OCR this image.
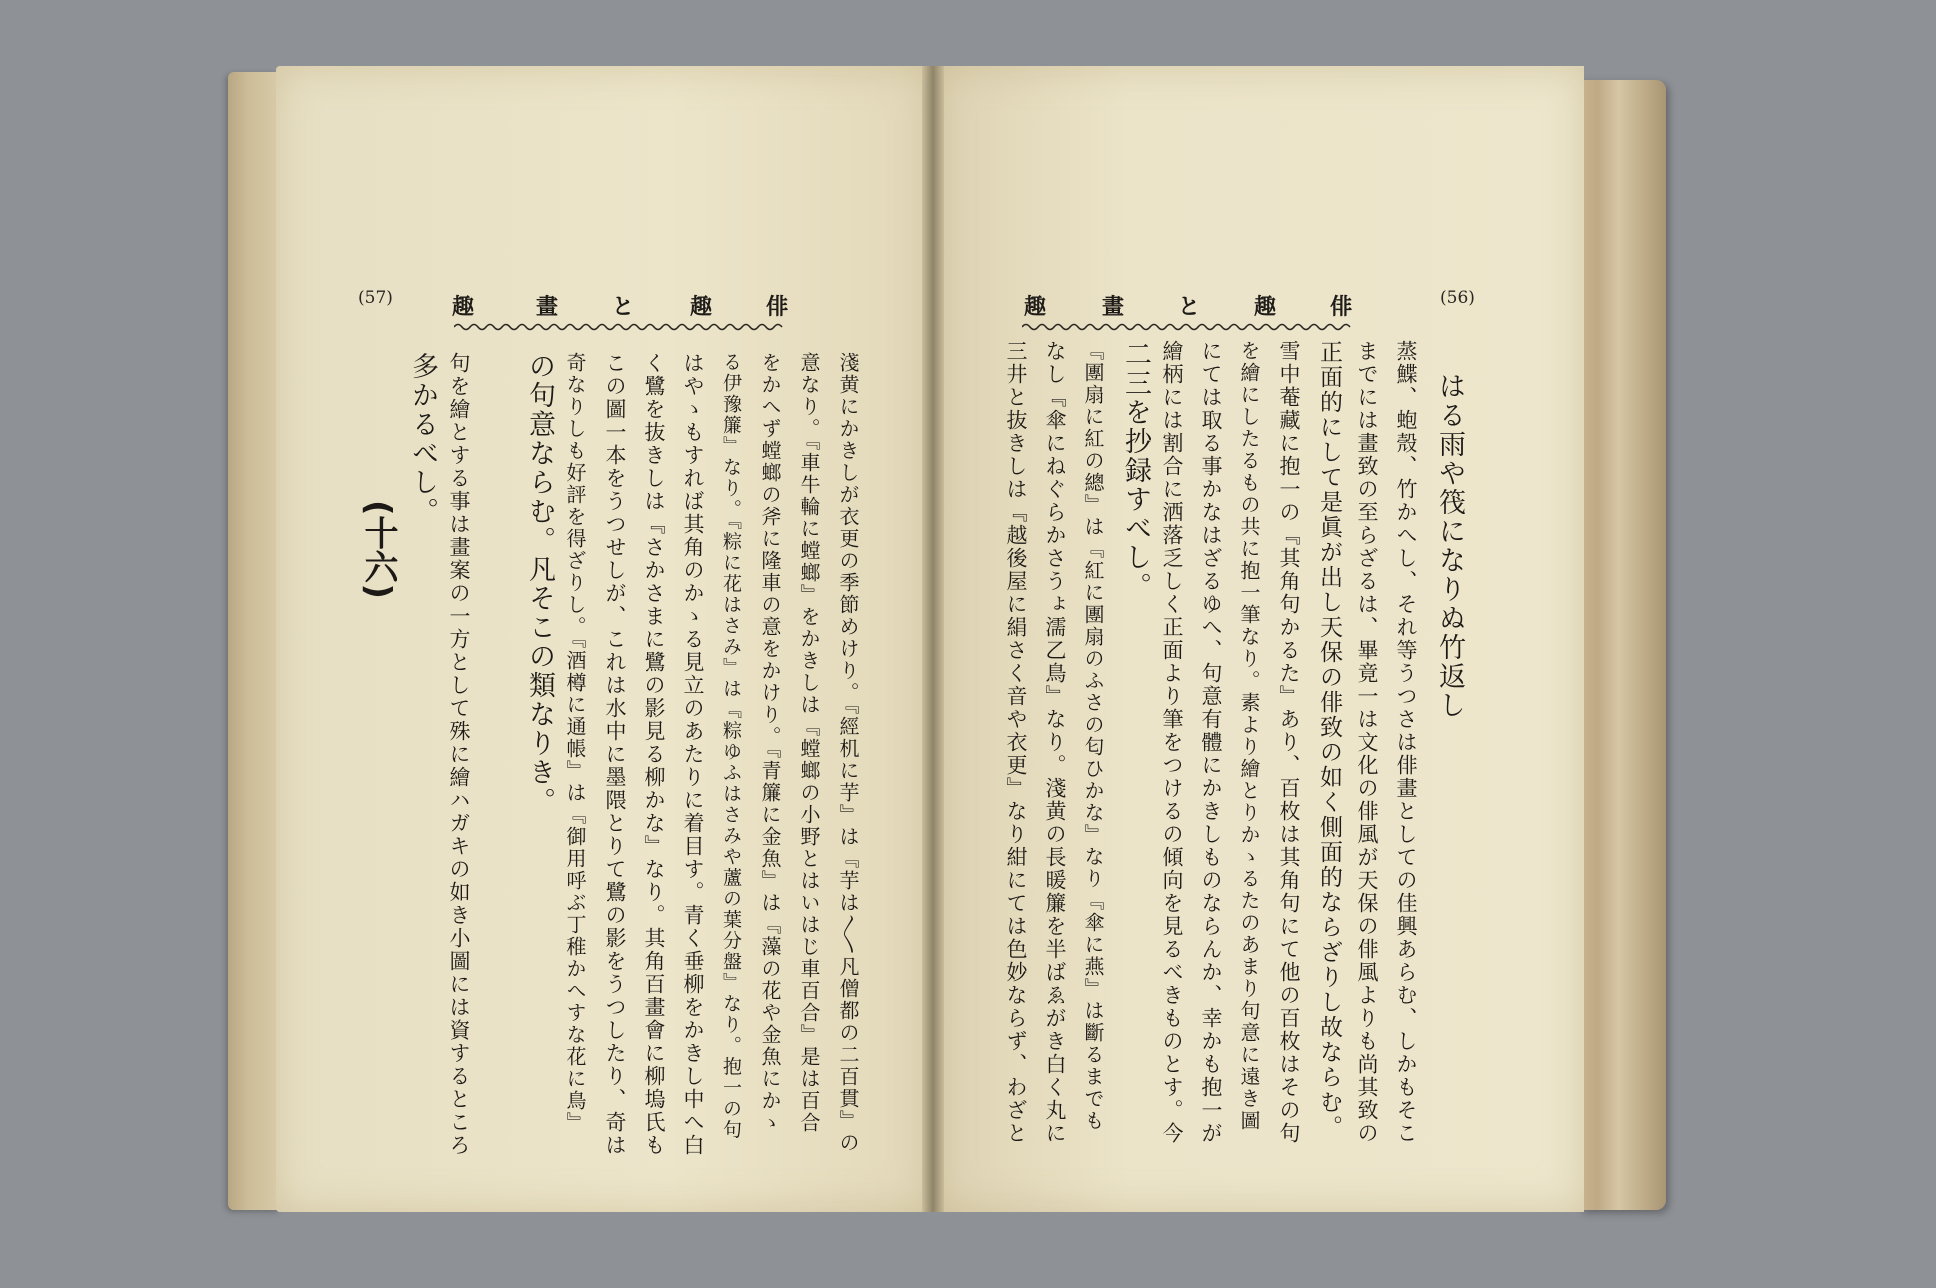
(57)	趣	畫 と	趣 俳
淺黄にかきしが衣更の季節めけり。『經机に芋』は『芋は〳〵凡僧都の二百貫』の
意なり。『車牛輪に螳螂』をかきしは『螳螂の小野とはいはじ車百合』是は百合
をかへず螳螂の斧に隆車の意をかけり。『青簾に金魚』は『藻の花や金魚にかゝ
る伊豫簾』なり。『粽に花はさみ』は『粽ゆふはさみや蘆の葉分盤』なり。抱一の句
はやゝもすれば其角のかゝる見立のあたりに着目す。青く垂柳をかきし中へ白
く鷺を抜きしは『さかさまに鷺の影見る柳かな』なり。其角百畫會に柳塢氏も
この圖一本をうつせしが、これは水中に墨隈とりて鷺の影をうつしたり、奇は
奇なりしも好評を得ざりし。『酒樽に通帳』は『御用呼ぶ丁稚かへすな花に鳥』
の句意ならむ。凡そこの類なりき。
句を繪とする事は畫案の一方として殊に繪ハガキの如き小圖には資するところ
多かるべし。
(十六)
(56)
俳
趣
と
畫
趣
はる雨や筏になりぬ竹返し
蒸鰈、蚫殼、竹かへし、それ等うつさは俳畫としての佳興あらむ、しかもそこ
までには畫致の至らざるは、畢竟一は文化の俳風が天保の俳風よりも尚其致の
正面的にして是眞が出し天保の俳致の如く側面的ならざりし故ならむ。
雪中菴藏に抱一の『其角句かるた』あり、百枚は其角句にて他の百枚はその句
を繪にしたるもの共に抱一筆なり。素より繪とりかゝるたのあまり句意に遠き圖
にては取る事かなはざるゆへ、句意有體にかきしものならんか、幸かも抱一が
繪柄には割合に洒落乏しく正面より筆をつけるの傾向を見るべきものとす。今
二三を抄録すべし。
『團扇に紅の總』は『紅に團扇のふさの匂ひかな』なり『傘に燕』は斷るまでも
なし『傘にねぐらかさうょ濡乙鳥』なり。淺黄の長暖簾を半ばゑがき白く丸に
三井と抜きしは『越後屋に絹さく音や衣更』なり紺にては色妙ならず、わざと
